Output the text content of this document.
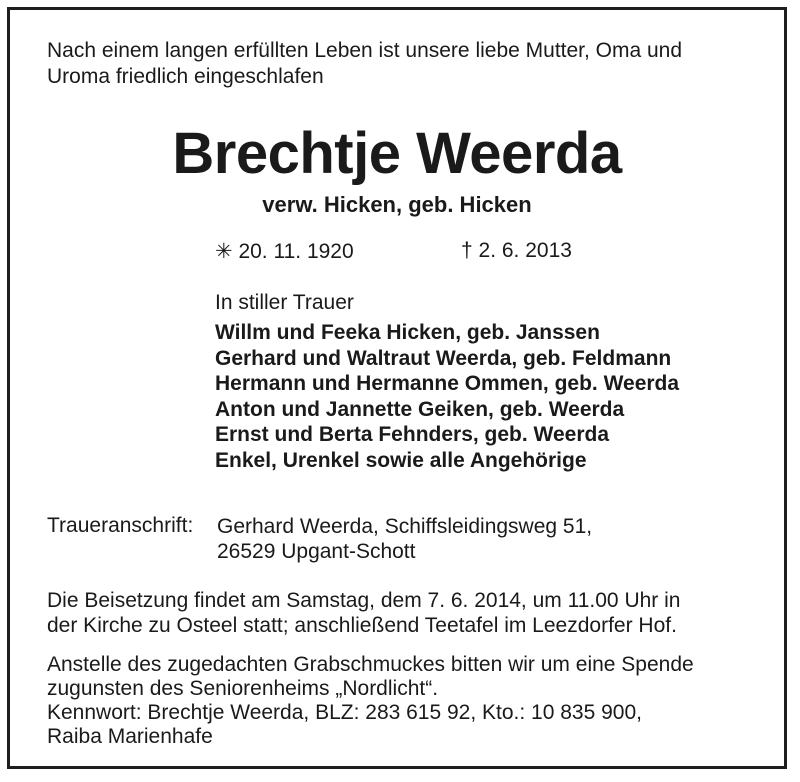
Nach einem langen erfüllten Leben ist unsere liebe Mutter, Oma und
Uroma friedlich eingeschlafen
Brechtje Weerda
verw. Hicken, geb. Hicken
✳ 20. 11. 1920	† 2. 6. 2013
In stiller Trauer
Willm und Feeka Hicken, geb. Janssen
Gerhard und Waltraut Weerda, geb. Feldmann
Hermann und Hermanne Ommen, geb. Weerda
Anton und Jannette Geiken, geb. Weerda
Ernst und Berta Fehnders, geb. Weerda
Enkel, Urenkel sowie alle Angehörige
Traueranschrift: Gerhard Weerda, Schiffsleidingsweg 51,
26529 Upgant-Schott
Die Beisetzung findet am Samstag, dem 7. 6. 2014, um 11.00 Uhr in
der Kirche zu Osteel statt; anschließend Teetafel im Leezdorfer Hof.
Anstelle des zugedachten Grabschmuckes bitten wir um eine Spende
zugunsten des Seniorenheims „Nordlicht“.
Kennwort: Brechtje Weerda, BLZ: 283 615 92, Kto.: 10 835 900,
Raiba Marienhafe
